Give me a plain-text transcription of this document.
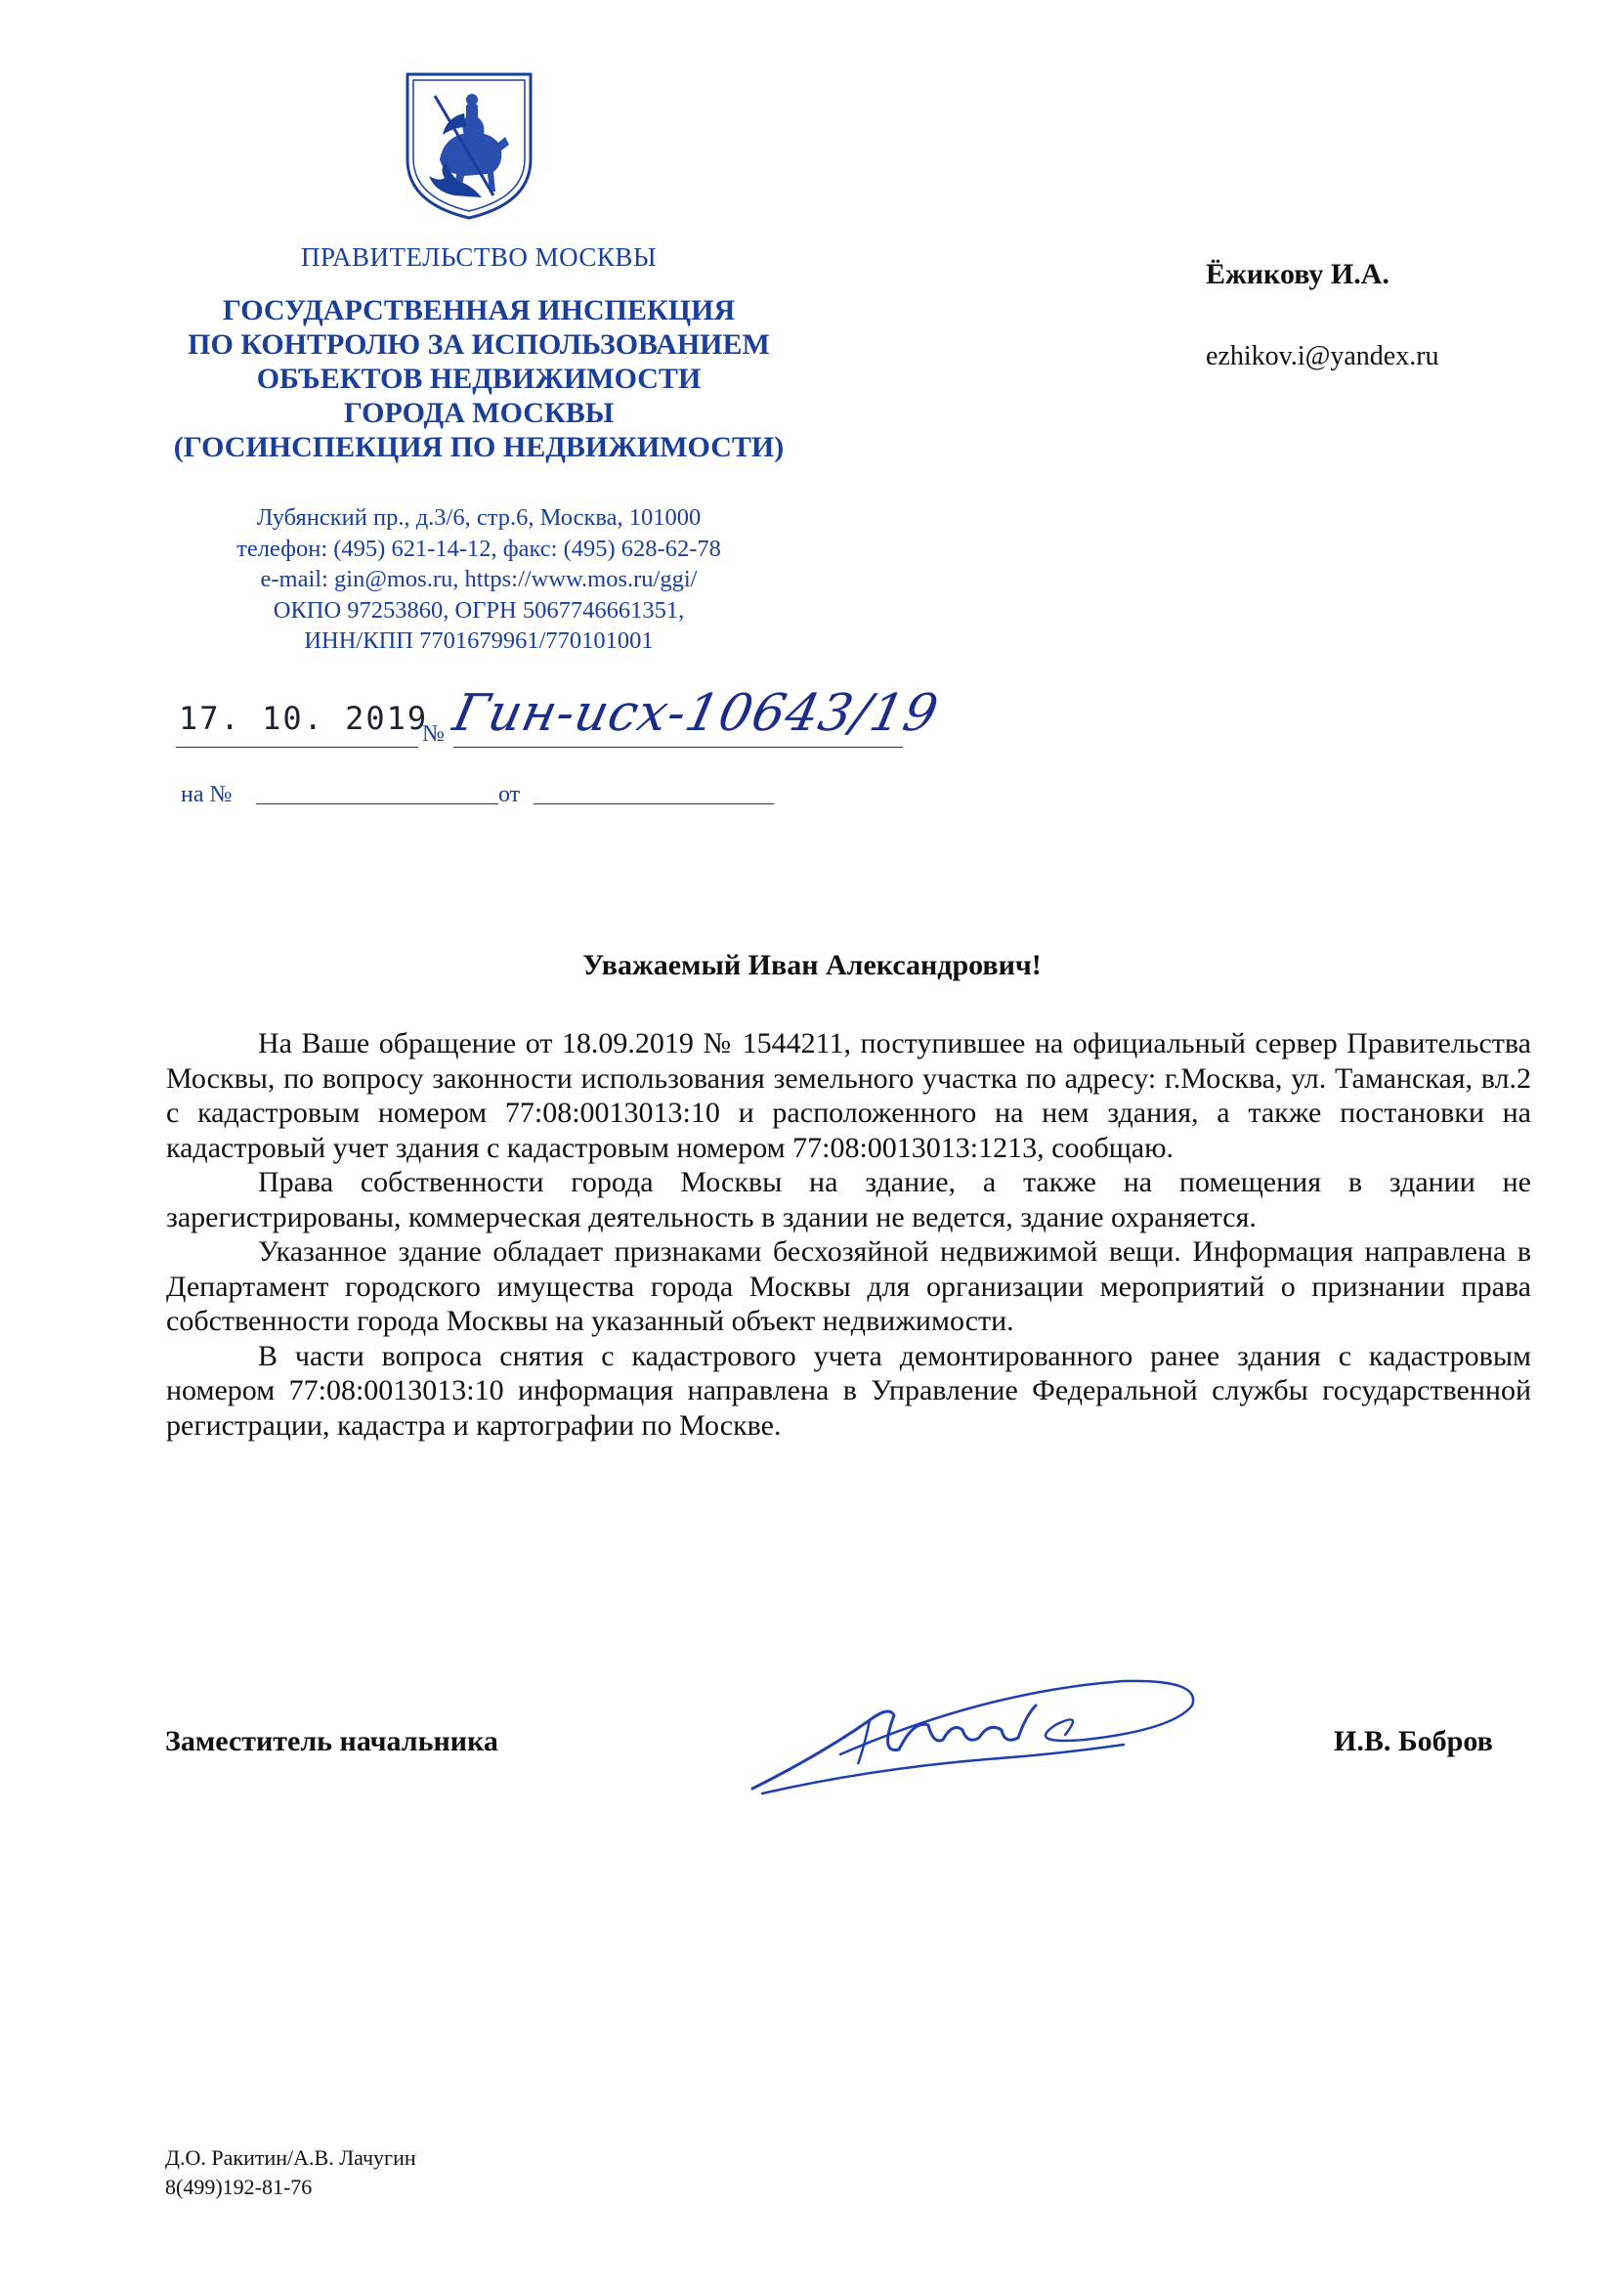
ПРАВИТЕЛЬСТВО МОСКВЫ
ГОСУДАРСТВЕННАЯ ИНСПЕКЦИЯ
ПО КОНТРОЛЮ ЗА ИСПОЛЬЗОВАНИЕМ
ОБЪЕКТОВ НЕДВИЖИМОСТИ
ГОРОДА МОСКВЫ
(ГОСИНСПЕКЦИЯ ПО НЕДВИЖИМОСТИ)
Лубянский пр., д.3/6, стр.6, Москва, 101000
телефон: (495) 621-14-12, факс: (495) 628-62-78
e-mail: gin@mos.ru, https://www.mos.ru/ggi/
ОКПО 97253860, ОГРН 5067746661351,
ИНН/КПП 7701679961/770101001
17. 10. 2019
№ Гин-исх-10643/19
на №	от
Ёжикову И.А.
ezhikov.i@yandex.ru
Уважаемый Иван Александрович!

На Ваше обращение от 18.09.2019 № 1544211, поступившее на официальный сервер Правительства Москвы, по вопросу законности использования земельного участка по адресу: г.Москва, ул. Таманская, вл.2 с кадастровым номером 77:08:0013013:10 и расположенного на нем здания, а также постановки на кадастровый учет здания с кадастровым номером 77:08:0013013:1213, сообщаю.

Права собственности города Москвы на здание, а также на помещения в здании не зарегистрированы, коммерческая деятельность в здании не ведется, здание охраняется.

Указанное здание обладает признаками бесхозяйной недвижимой вещи. Информация направлена в Департамент городского имущества города Москвы для организации мероприятий о признании права собственности города Москвы на указанный объект недвижимости.

В части вопроса снятия с кадастрового учета демонтированного ранее здания с кадастровым номером 77:08:0013013:10 информация направлена в Управление Федеральной службы государственной регистрации, кадастра и картографии по Москве.

Заместитель начальника	И.В. Бобров
Д.О. Ракитин/А.В. Лачугин
8(499)192-81-76
